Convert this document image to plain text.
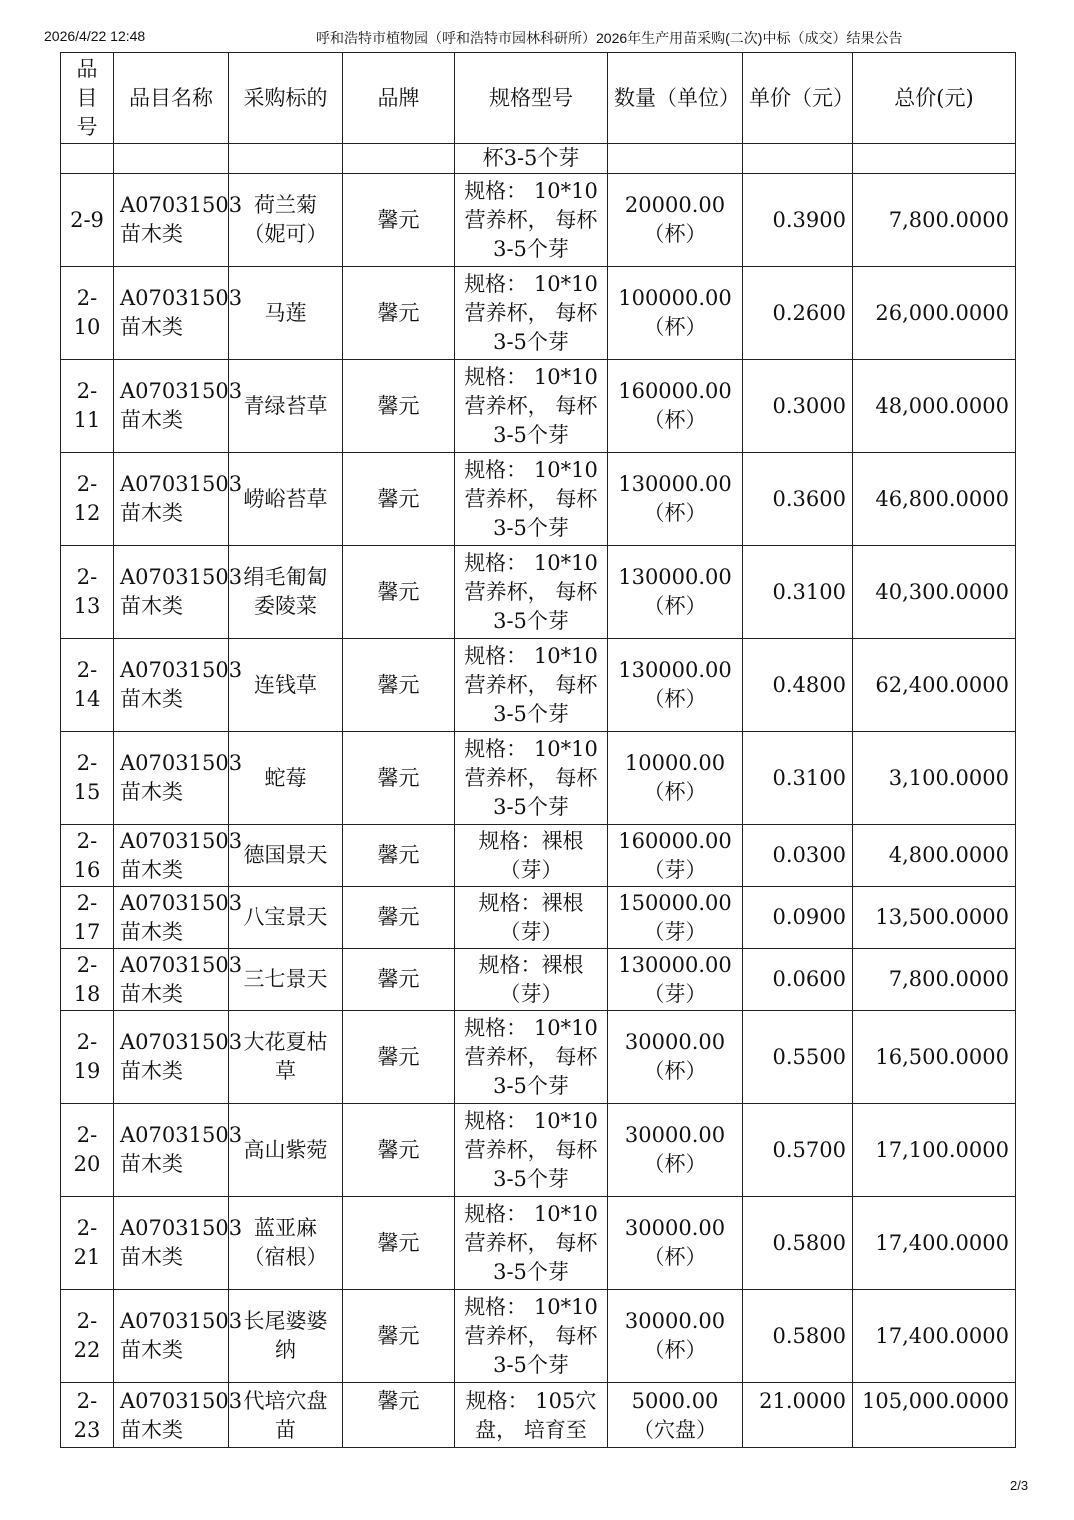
2026/4/22 12:48	呼和浩特市植物园（呼和浩特市园林科研所）2026年生产用苗采购(二次)中标（成交）结果公告
品目号	品目名称	采购标的	品牌	规格型号	数量（单位）	单价（元）	总价(元)
				杯3-5个芽			
2-9	A07031503 苗木类	荷兰菊（妮可）	馨元	规格： 10*10营养杯， 每杯3-5个芽	20000.00（杯）	0.3900	7,800.0000
2-10	A07031503 苗木类	马莲	馨元	规格： 10*10营养杯， 每杯3-5个芽	100000.00（杯）	0.2600	26,000.0000
2-11	A07031503 苗木类	青绿苔草	馨元	规格： 10*10营养杯， 每杯3-5个芽	160000.00（杯）	0.3000	48,000.0000
2-12	A07031503 苗木类	崂峪苔草	馨元	规格： 10*10营养杯， 每杯3-5个芽	130000.00（杯）	0.3600	46,800.0000
2-13	A07031503 苗木类	绢毛匍匐委陵菜	馨元	规格： 10*10营养杯， 每杯3-5个芽	130000.00（杯）	0.3100	40,300.0000
2-14	A07031503 苗木类	连钱草	馨元	规格： 10*10营养杯， 每杯3-5个芽	130000.00（杯）	0.4800	62,400.0000
2-15	A07031503 苗木类	蛇莓	馨元	规格： 10*10营养杯， 每杯3-5个芽	10000.00（杯）	0.3100	3,100.0000
2-16	A07031503 苗木类	德国景天	馨元	规格：裸根（芽）	160000.00（芽）	0.0300	4,800.0000
2-17	A07031503 苗木类	八宝景天	馨元	规格：裸根（芽）	150000.00（芽）	0.0900	13,500.0000
2-18	A07031503 苗木类	三七景天	馨元	规格：裸根（芽）	130000.00（芽）	0.0600	7,800.0000
2-19	A07031503 苗木类	大花夏枯草	馨元	规格： 10*10营养杯， 每杯3-5个芽	30000.00（杯）	0.5500	16,500.0000
2-20	A07031503 苗木类	高山紫菀	馨元	规格： 10*10营养杯， 每杯3-5个芽	30000.00（杯）	0.5700	17,100.0000
2-21	A07031503 苗木类	蓝亚麻（宿根）	馨元	规格： 10*10营养杯， 每杯3-5个芽	30000.00（杯）	0.5800	17,400.0000
2-22	A07031503 苗木类	长尾婆婆纳	馨元	规格： 10*10营养杯， 每杯3-5个芽	30000.00（杯）	0.5800	17,400.0000
2-23	A07031503 苗木类	代培穴盘苗	馨元	规格： 105穴盘， 培育至	5000.00（穴盘）	21.0000	105,000.0000
2/3
